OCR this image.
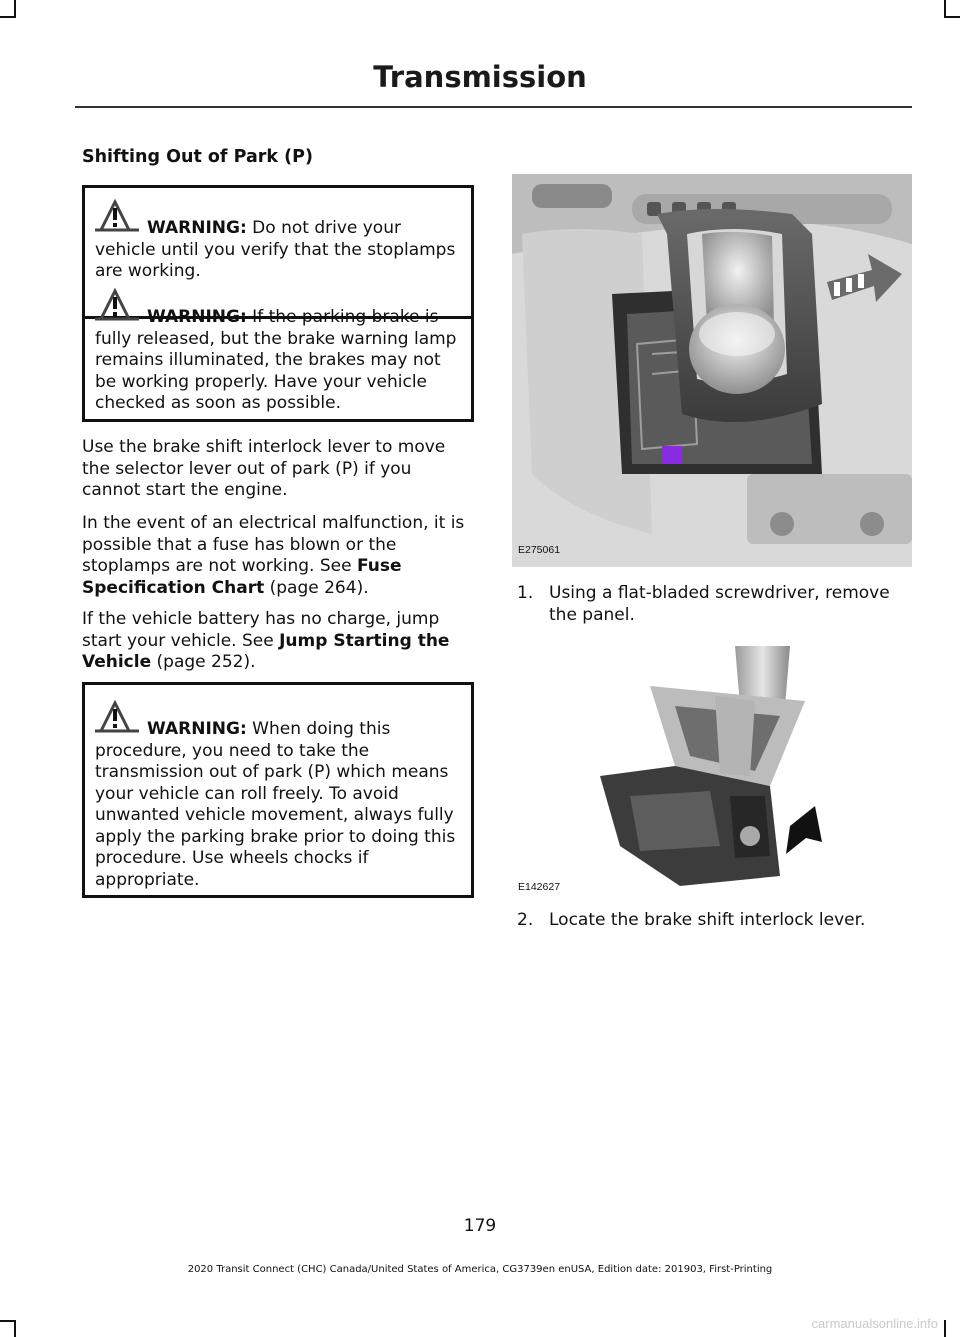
Transmission
Shifting Out of Park (P)
WARNING: Do not drive your vehicle until you verify that the stoplamps are working.
WARNING: If the parking brake is fully released, but the brake warning lamp remains illuminated, the brakes may not be working properly. Have your vehicle checked as soon as possible.
Use the brake shift interlock lever to move the selector lever out of park (P) if you cannot start the engine.
In the event of an electrical malfunction, it is possible that a fuse has blown or the stoplamps are not working. See Fuse Specification Chart (page 264).
If the vehicle battery has no charge, jump start your vehicle. See Jump Starting the Vehicle (page 252).
WARNING: When doing this procedure, you need to take the transmission out of park (P) which means your vehicle can roll freely. To avoid unwanted vehicle movement, always fully apply the parking brake prior to doing this procedure. Use wheels chocks if appropriate.
E275061
1. Using a flat-bladed screwdriver, remove the panel.
E142627
2. Locate the brake shift interlock lever.
179
2020 Transit Connect (CHC) Canada/United States of America, CG3739en enUSA, Edition date: 201903, First-Printing
carmanualsonline.info
